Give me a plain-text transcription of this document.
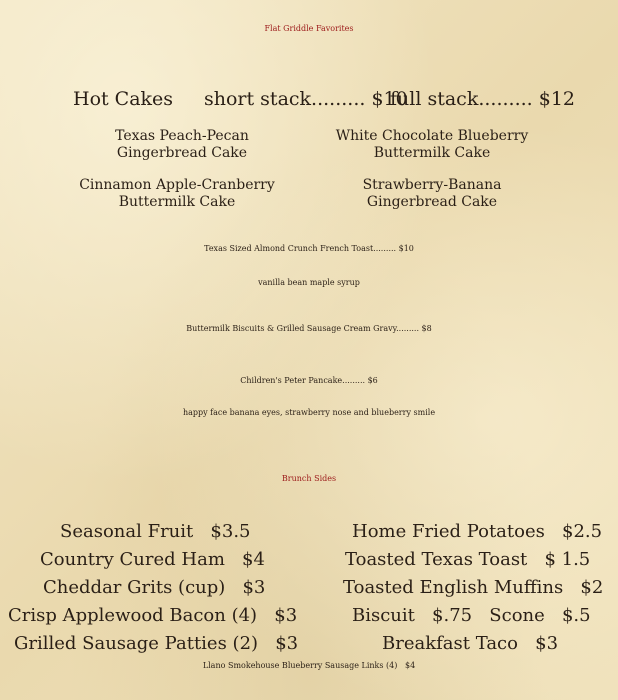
Flat Griddle Favorites
Hot Cakes short stack......... $10
full stack......... $12
Texas Peach-Pecan
Gingerbread Cake
White Chocolate Blueberry
Buttermilk Cake
Cinnamon Apple-Cranberry
Buttermilk Cake
Strawberry-Banana
Gingerbread Cake
Texas Sized Almond Crunch French Toast......... $10
vanilla bean maple syrup
Buttermilk Biscuits & Grilled Sausage Cream Gravy......... $8
Children's Peter Pancake......... $6
happy face banana eyes, strawberry nose and blueberry smile
Brunch Sides
Seasonal Fruit   $3.5	Home Fried Potatoes   $2.5
Country Cured Ham   $4	Toasted Texas Toast   $ 1.5
Cheddar Grits (cup)   $3	Toasted English Muffins   $2
Crisp Applewood Bacon (4)   $3	Biscuit   $.75   Scone   $.5
Grilled Sausage Patties (2)   $3	Breakfast Taco   $3
Llano Smokehouse Blueberry Sausage Links (4)   $4
